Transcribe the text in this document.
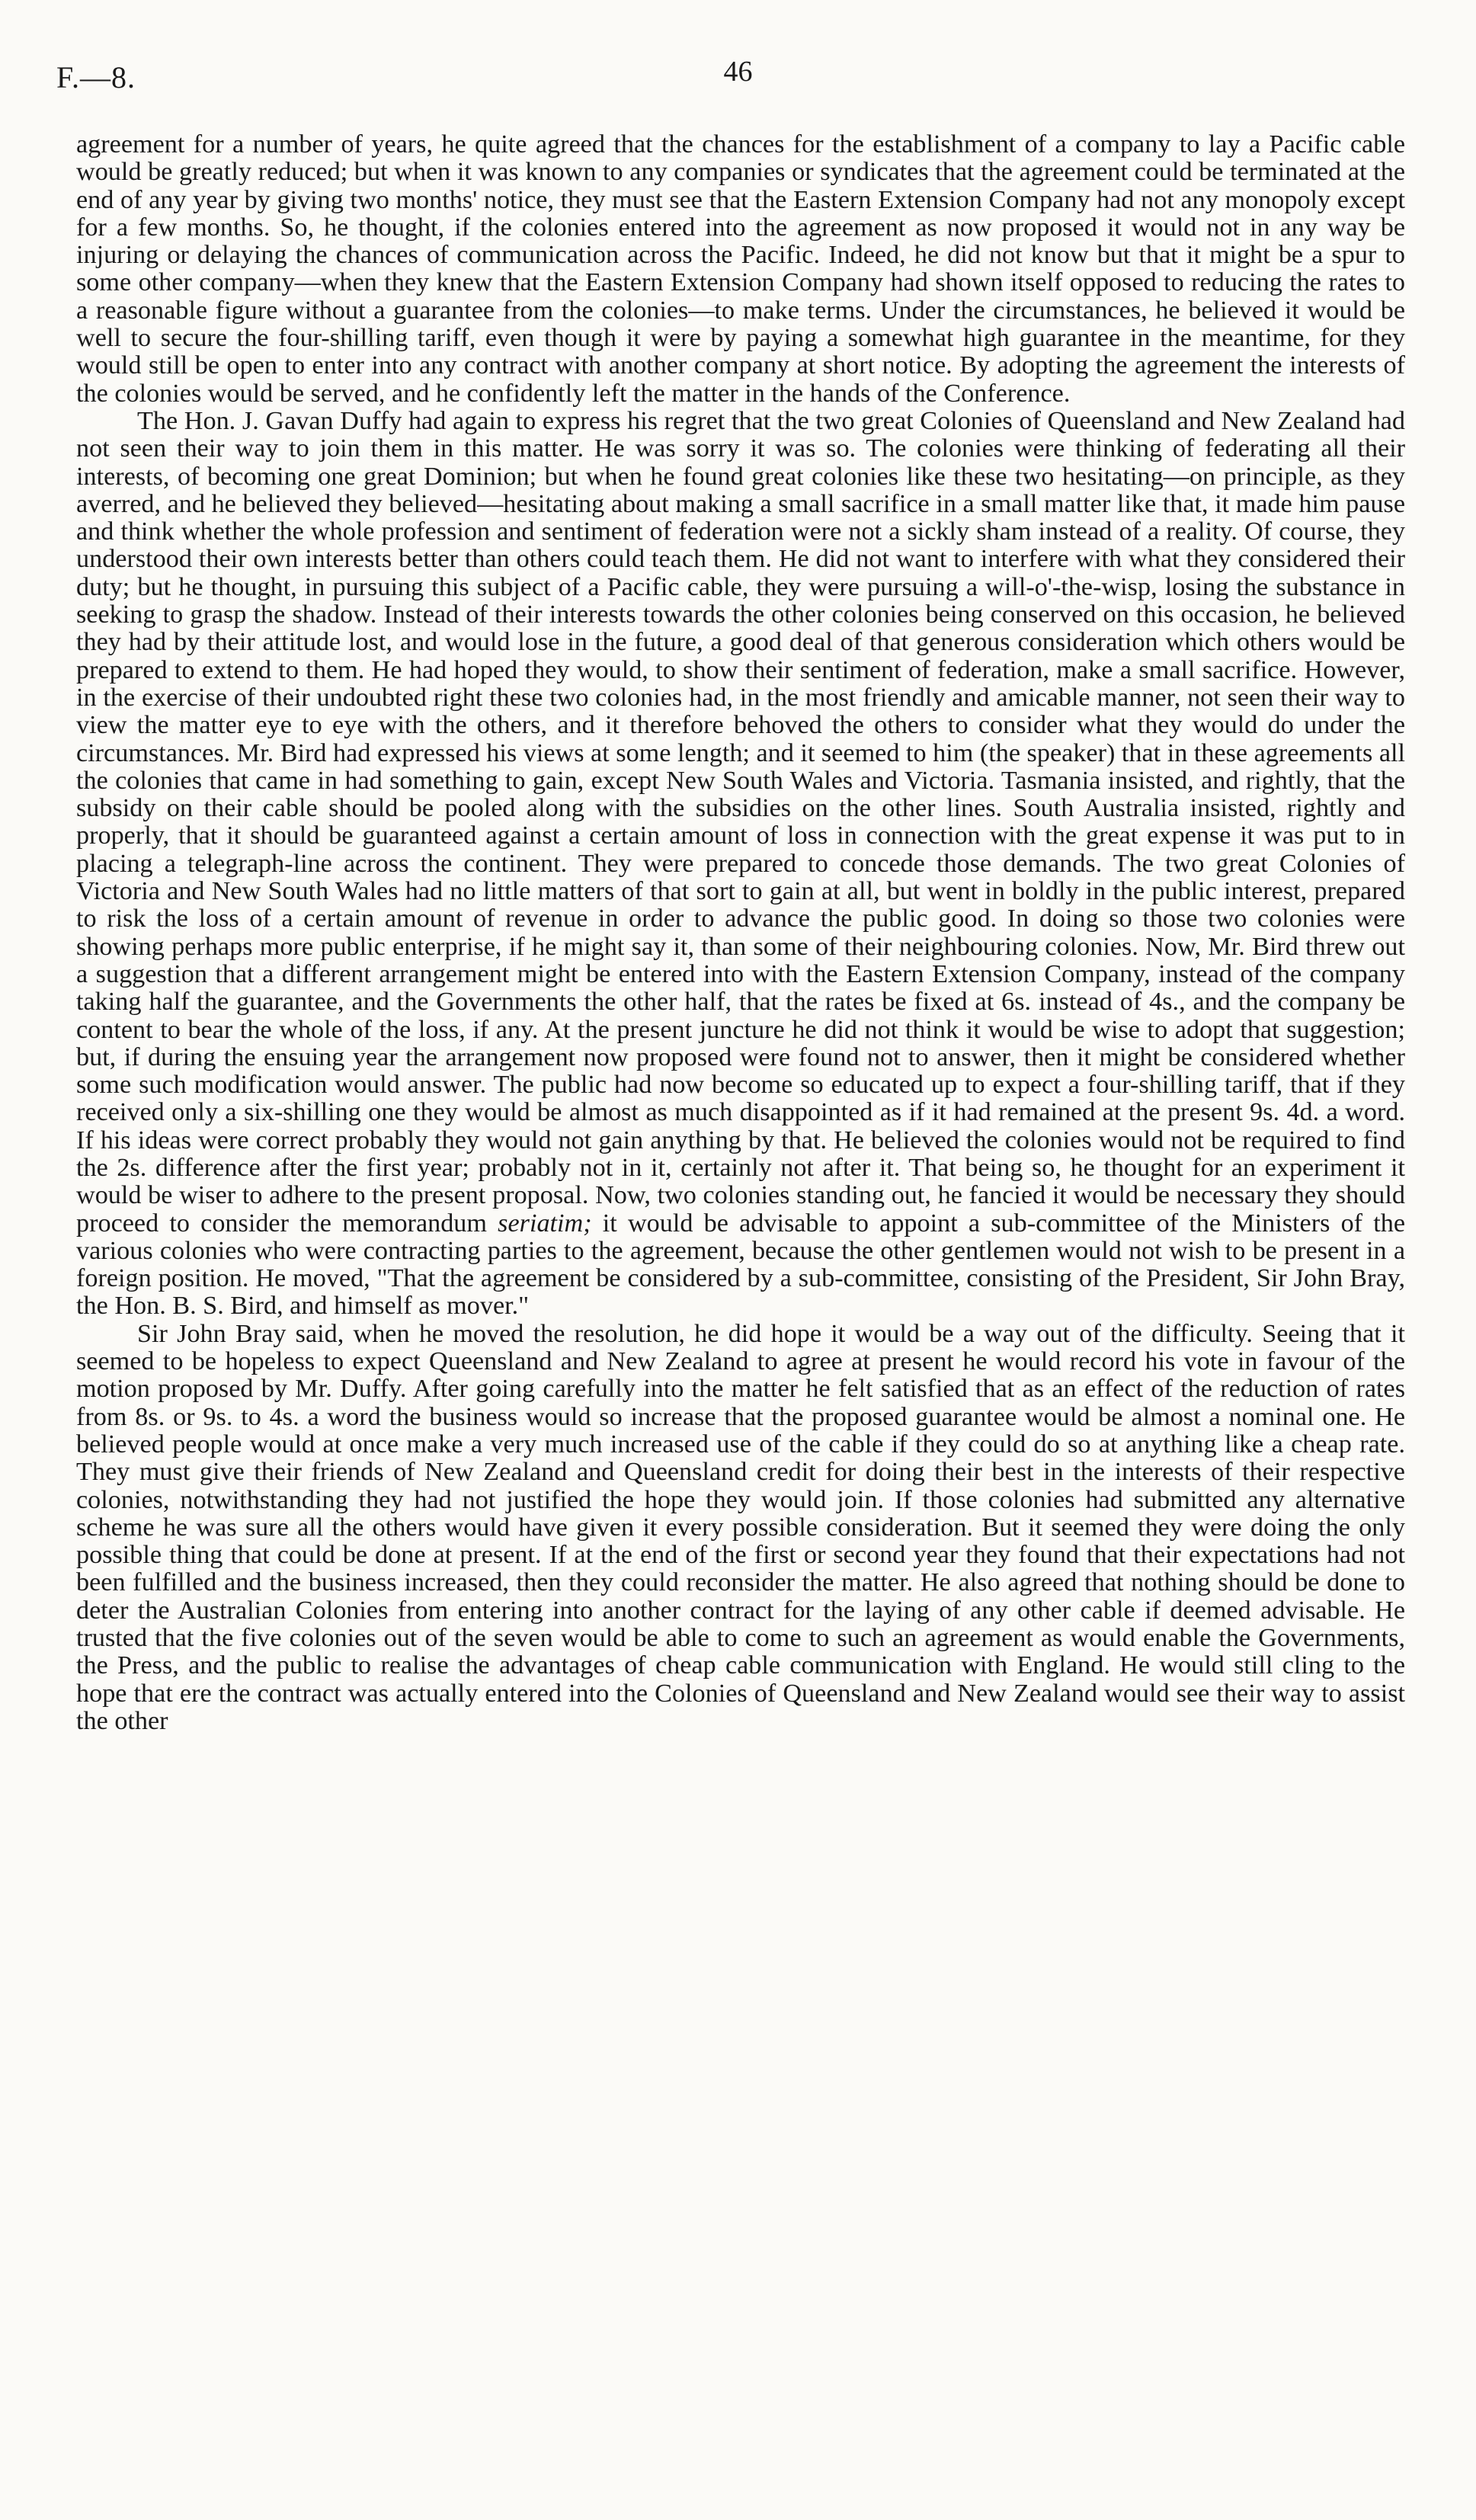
F.—8.	46

agreement for a number of years, he quite agreed that the chances for the establishment of a company to lay a Pacific cable would be greatly reduced; but when it was known to any companies or syndicates that the agreement could be terminated at the end of any year by giving two months' notice, they must see that the Eastern Extension Company had not any monopoly except for a few months. So, he thought, if the colonies entered into the agreement as now proposed it would not in any way be injuring or delaying the chances of communication across the Pacific. Indeed, he did not know but that it might be a spur to some other company—when they knew that the Eastern Extension Company had shown itself opposed to reducing the rates to a reasonable figure without a guarantee from the colonies—to make terms. Under the circumstances, he believed it would be well to secure the four-shilling tariff, even though it were by paying a somewhat high guarantee in the meantime, for they would still be open to enter into any contract with another company at short notice. By adopting the agreement the interests of the colonies would be served, and he confidently left the matter in the hands of the Conference.

The Hon. J. Gavan Duffy had again to express his regret that the two great Colonies of Queensland and New Zealand had not seen their way to join them in this matter. He was sorry it was so. The colonies were thinking of federating all their interests, of becoming one great Dominion; but when he found great colonies like these two hesitating—on principle, as they averred, and he believed they believed—hesitating about making a small sacrifice in a small matter like that, it made him pause and think whether the whole profession and sentiment of federation were not a sickly sham instead of a reality. Of course, they understood their own interests better than others could teach them. He did not want to interfere with what they considered their duty; but he thought, in pursuing this subject of a Pacific cable, they were pursuing a will-o'-the-wisp, losing the substance in seeking to grasp the shadow. Instead of their interests towards the other colonies being conserved on this occasion, he believed they had by their attitude lost, and would lose in the future, a good deal of that generous consideration which others would be prepared to extend to them. He had hoped they would, to show their sentiment of federation, make a small sacrifice. However, in the exercise of their undoubted right these two colonies had, in the most friendly and amicable manner, not seen their way to view the matter eye to eye with the others, and it therefore behoved the others to consider what they would do under the circumstances. Mr. Bird had expressed his views at some length; and it seemed to him (the speaker) that in these agreements all the colonies that came in had something to gain, except New South Wales and Victoria. Tasmania insisted, and rightly, that the subsidy on their cable should be pooled along with the subsidies on the other lines. South Australia insisted, rightly and properly, that it should be guaranteed against a certain amount of loss in connection with the great expense it was put to in placing a telegraph-line across the continent. They were prepared to concede those demands. The two great Colonies of Victoria and New South Wales had no little matters of that sort to gain at all, but went in boldly in the public interest, prepared to risk the loss of a certain amount of revenue in order to advance the public good. In doing so those two colonies were showing perhaps more public enterprise, if he might say it, than some of their neighbouring colonies. Now, Mr. Bird threw out a suggestion that a different arrangement might be entered into with the Eastern Extension Company, instead of the company taking half the guarantee, and the Governments the other half, that the rates be fixed at 6s. instead of 4s., and the company be content to bear the whole of the loss, if any. At the present juncture he did not think it would be wise to adopt that suggestion; but, if during the ensuing year the arrangement now proposed were found not to answer, then it might be considered whether some such modification would answer. The public had now become so educated up to expect a four-shilling tariff, that if they received only a six-shilling one they would be almost as much disappointed as if it had remained at the present 9s. 4d. a word. If his ideas were correct probably they would not gain anything by that. He believed the colonies would not be required to find the 2s. difference after the first year; probably not in it, certainly not after it. That being so, he thought for an experiment it would be wiser to adhere to the present proposal. Now, two colonies standing out, he fancied it would be necessary they should proceed to consider the memorandum seriatim; it would be advisable to appoint a sub-committee of the Ministers of the various colonies who were contracting parties to the agreement, because the other gentlemen would not wish to be present in a foreign position. He moved, "That the agreement be considered by a sub-committee, consisting of the President, Sir John Bray, the Hon. B. S. Bird, and himself as mover."

Sir John Bray said, when he moved the resolution, he did hope it would be a way out of the difficulty. Seeing that it seemed to be hopeless to expect Queensland and New Zealand to agree at present he would record his vote in favour of the motion proposed by Mr. Duffy. After going carefully into the matter he felt satisfied that as an effect of the reduction of rates from 8s. or 9s. to 4s. a word the business would so increase that the proposed guarantee would be almost a nominal one. He believed people would at once make a very much increased use of the cable if they could do so at anything like a cheap rate. They must give their friends of New Zealand and Queensland credit for doing their best in the interests of their respective colonies, notwithstanding they had not justified the hope they would join. If those colonies had submitted any alternative scheme he was sure all the others would have given it every possible consideration. But it seemed they were doing the only possible thing that could be done at present. If at the end of the first or second year they found that their expectations had not been fulfilled and the business increased, then they could reconsider the matter. He also agreed that nothing should be done to deter the Australian Colonies from entering into another contract for the laying of any other cable if deemed advisable. He trusted that the five colonies out of the seven would be able to come to such an agreement as would enable the Governments, the Press, and the public to realise the advantages of cheap cable communication with England. He would still cling to the hope that ere the contract was actually entered into the Colonies of Queensland and New Zealand would see their way to assist the other
